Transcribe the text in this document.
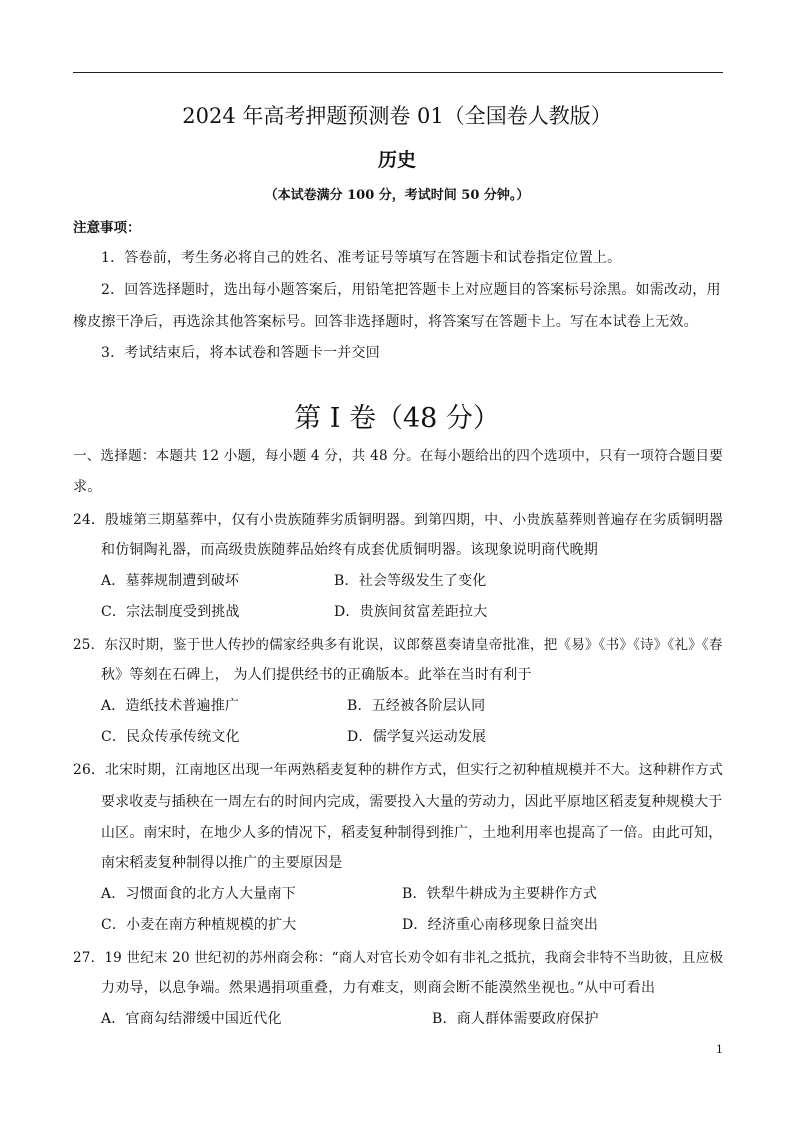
2024 年高考押题预测卷 01（全国卷人教版）
历史
（本试卷满分 100 分，考试时间 50 分钟。）
注意事项：
1．答卷前，考生务必将自己的姓名、准考证号等填写在答题卡和试卷指定位置上。
2．回答选择题时，选出每小题答案后，用铅笔把答题卡上对应题目的答案标号涂黑。如需改动，用
橡皮擦干净后，再选涂其他答案标号。回答非选择题时，将答案写在答题卡上。写在本试卷上无效。
3．考试结束后，将本试卷和答题卡一并交回
第 I 卷（48 分）
一、选择题：本题共 12 小题，每小题 4 分，共 48 分。在每小题给出的四个选项中，只有一项符合题目要
求。
24．殷墟第三期墓葬中，仅有小贵族随葬劣质铜明器。到第四期，中、小贵族墓葬则普遍存在劣质铜明器
和仿铜陶礼器，而高级贵族随葬品始终有成套优质铜明器。该现象说明商代晚期
A．墓葬规制遭到破坏	B．社会等级发生了变化
C．宗法制度受到挑战	D．贵族间贫富差距拉大
25．东汉时期，鉴于世人传抄的儒家经典多有讹误，议郎蔡邕奏请皇帝批准，把《易》《书》《诗》《礼》《春
秋》等刻在石碑上， 为人们提供经书的正确版本。此举在当时有利于
A．造纸技术普遍推广	B．五经被各阶层认同
C．民众传承传统文化	D．儒学复兴运动发展
26．北宋时期，江南地区出现一年两熟稻麦复种的耕作方式，但实行之初种植规模并不大。这种耕作方式
要求收麦与插秧在一周左右的时间内完成，需要投入大量的劳动力，因此平原地区稻麦复种规模大于
山区。南宋时，在地少人多的情况下，稻麦复种制得到推广，土地利用率也提高了一倍。由此可知，
南宋稻麦复种制得以推广的主要原因是
A．习惯面食的北方人大量南下	B．铁犁牛耕成为主要耕作方式
C．小麦在南方种植规模的扩大	D．经济重心南移现象日益突出
27．19 世纪末 20 世纪初的苏州商会称：“商人对官长劝令如有非礼之抵抗，我商会非特不当助彼，且应极
力劝导，以息争端。然果遇捐项重叠，力有难支，则商会断不能漠然坐视也。”从中可看出
A．官商勾结滞缓中国近代化	B．商人群体需要政府保护
1
